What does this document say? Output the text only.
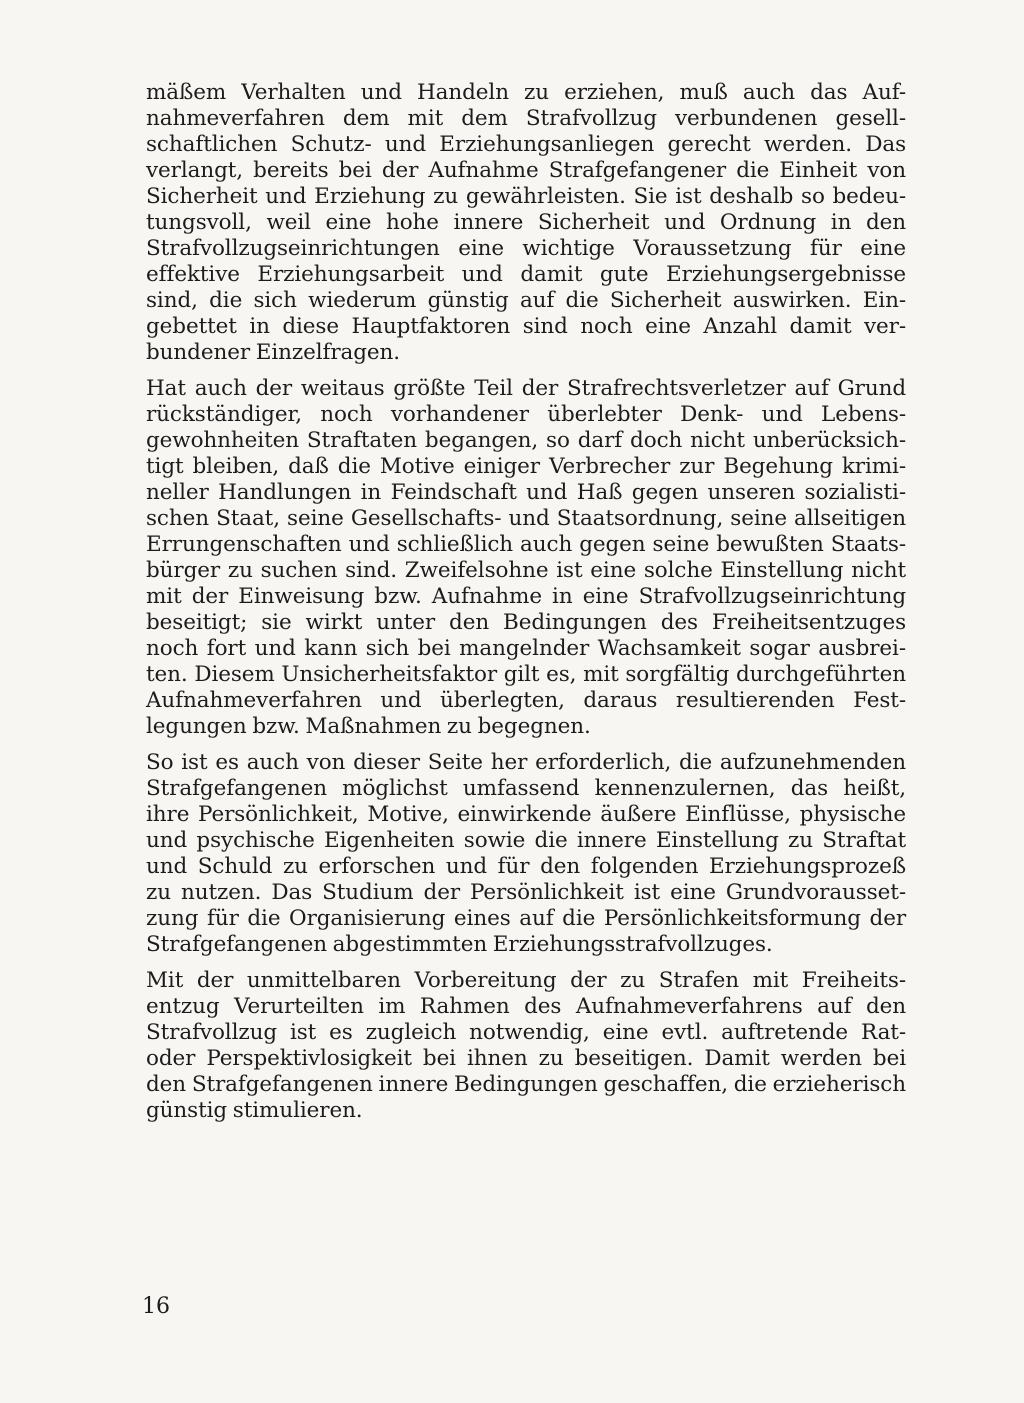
mäßem Verhalten und Handeln zu erziehen, muß auch das Auf-
nahmeverfahren dem mit dem Strafvollzug verbundenen gesell-
schaftlichen Schutz- und Erziehungsanliegen gerecht werden. Das
verlangt, bereits bei der Aufnahme Strafgefangener die Einheit von
Sicherheit und Erziehung zu gewährleisten. Sie ist deshalb so bedeu-
tungsvoll, weil eine hohe innere Sicherheit und Ordnung in den
Strafvollzugseinrichtungen eine wichtige Voraussetzung für eine
effektive Erziehungsarbeit und damit gute Erziehungsergebnisse
sind, die sich wiederum günstig auf die Sicherheit auswirken. Ein-
gebettet in diese Hauptfaktoren sind noch eine Anzahl damit ver-
bundener Einzelfragen.
Hat auch der weitaus größte Teil der Strafrechtsverletzer auf Grund
rückständiger, noch vorhandener überlebter Denk- und Lebens-
gewohnheiten Straftaten begangen, so darf doch nicht unberücksich-
tigt bleiben, daß die Motive einiger Verbrecher zur Begehung krimi-
neller Handlungen in Feindschaft und Haß gegen unseren sozialisti-
schen Staat, seine Gesellschafts- und Staatsordnung, seine allseitigen
Errungenschaften und schließlich auch gegen seine bewußten Staats-
bürger zu suchen sind. Zweifelsohne ist eine solche Einstellung nicht
mit der Einweisung bzw. Aufnahme in eine Strafvollzugseinrichtung
beseitigt; sie wirkt unter den Bedingungen des Freiheitsentzuges
noch fort und kann sich bei mangelnder Wachsamkeit sogar ausbrei-
ten. Diesem Unsicherheitsfaktor gilt es, mit sorgfältig durchgeführten
Aufnahmeverfahren und überlegten, daraus resultierenden Fest-
legungen bzw. Maßnahmen zu begegnen.
So ist es auch von dieser Seite her erforderlich, die aufzunehmenden
Strafgefangenen möglichst umfassend kennenzulernen, das heißt,
ihre Persönlichkeit, Motive, einwirkende äußere Einflüsse, physische
und psychische Eigenheiten sowie die innere Einstellung zu Straftat
und Schuld zu erforschen und für den folgenden Erziehungsprozeß
zu nutzen. Das Studium der Persönlichkeit ist eine Grundvorausset-
zung für die Organisierung eines auf die Persönlichkeitsformung der
Strafgefangenen abgestimmten Erziehungsstrafvollzuges.
Mit der unmittelbaren Vorbereitung der zu Strafen mit Freiheits-
entzug Verurteilten im Rahmen des Aufnahmeverfahrens auf den
Strafvollzug ist es zugleich notwendig, eine evtl. auftretende Rat-
oder Perspektivlosigkeit bei ihnen zu beseitigen. Damit werden bei
den Strafgefangenen innere Bedingungen geschaffen, die erzieherisch
günstig stimulieren.
16
